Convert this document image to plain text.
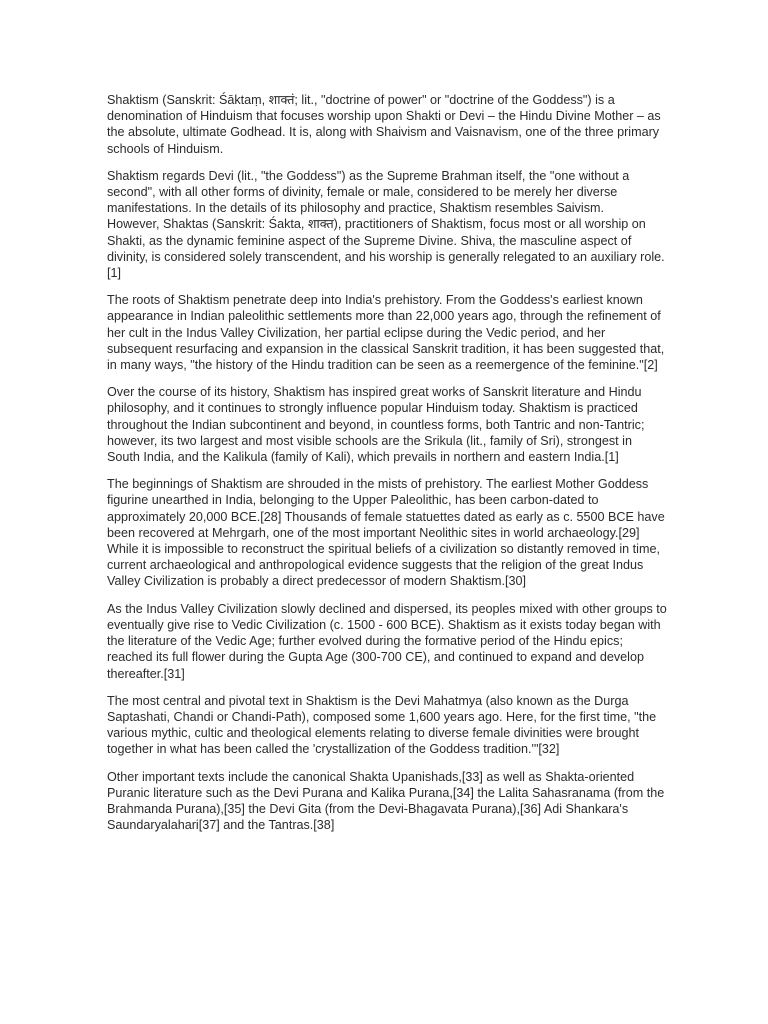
Shaktism (Sanskrit: Śāktaṃ, शाक्तं; lit., "doctrine of power" or "doctrine of the Goddess") is a denomination of Hinduism that focuses worship upon Shakti or Devi – the Hindu Divine Mother – as the absolute, ultimate Godhead. It is, along with Shaivism and Vaisnavism, one of the three primary schools of Hinduism.

Shaktism regards Devi (lit., "the Goddess") as the Supreme Brahman itself, the "one without a second", with all other forms of divinity, female or male, considered to be merely her diverse manifestations. In the details of its philosophy and practice, Shaktism resembles Saivism.

However, Shaktas (Sanskrit: Śakta, शाक्त), practitioners of Shaktism, focus most or all worship on Shakti, as the dynamic feminine aspect of the Supreme Divine. Shiva, the masculine aspect of divinity, is considered solely transcendent, and his worship is generally relegated to an auxiliary role.[1]

The roots of Shaktism penetrate deep into India's prehistory. From the Goddess's earliest known appearance in Indian paleolithic settlements more than 22,000 years ago, through the refinement of her cult in the Indus Valley Civilization, her partial eclipse during the Vedic period, and her subsequent resurfacing and expansion in the classical Sanskrit tradition, it has been suggested that, in many ways, "the history of the Hindu tradition can be seen as a reemergence of the feminine."[2]

Over the course of its history, Shaktism has inspired great works of Sanskrit literature and Hindu philosophy, and it continues to strongly influence popular Hinduism today. Shaktism is practiced throughout the Indian subcontinent and beyond, in countless forms, both Tantric and non-Tantric; however, its two largest and most visible schools are the Srikula (lit., family of Sri), strongest in South India, and the Kalikula (family of Kali), which prevails in northern and eastern India.[1]

The beginnings of Shaktism are shrouded in the mists of prehistory. The earliest Mother Goddess figurine unearthed in India, belonging to the Upper Paleolithic, has been carbon-dated to approximately 20,000 BCE.[28] Thousands of female statuettes dated as early as c. 5500 BCE have been recovered at Mehrgarh, one of the most important Neolithic sites in world archaeology.[29] While it is impossible to reconstruct the spiritual beliefs of a civilization so distantly removed in time, current archaeological and anthropological evidence suggests that the religion of the great Indus Valley Civilization is probably a direct predecessor of modern Shaktism.[30]

As the Indus Valley Civilization slowly declined and dispersed, its peoples mixed with other groups to eventually give rise to Vedic Civilization (c. 1500 - 600 BCE). Shaktism as it exists today began with the literature of the Vedic Age; further evolved during the formative period of the Hindu epics; reached its full flower during the Gupta Age (300-700 CE), and continued to expand and develop thereafter.[31]

The most central and pivotal text in Shaktism is the Devi Mahatmya (also known as the Durga Saptashati, Chandi or Chandi-Path), composed some 1,600 years ago. Here, for the first time, "the various mythic, cultic and theological elements relating to diverse female divinities were brought together in what has been called the 'crystallization of the Goddess tradition.'"[32]

Other important texts include the canonical Shakta Upanishads,[33] as well as Shakta-oriented Puranic literature such as the Devi Purana and Kalika Purana,[34] the Lalita Sahasranama (from the Brahmanda Purana),[35] the Devi Gita (from the Devi-Bhagavata Purana),[36] Adi Shankara's Saundaryalahari[37] and the Tantras.[38]
